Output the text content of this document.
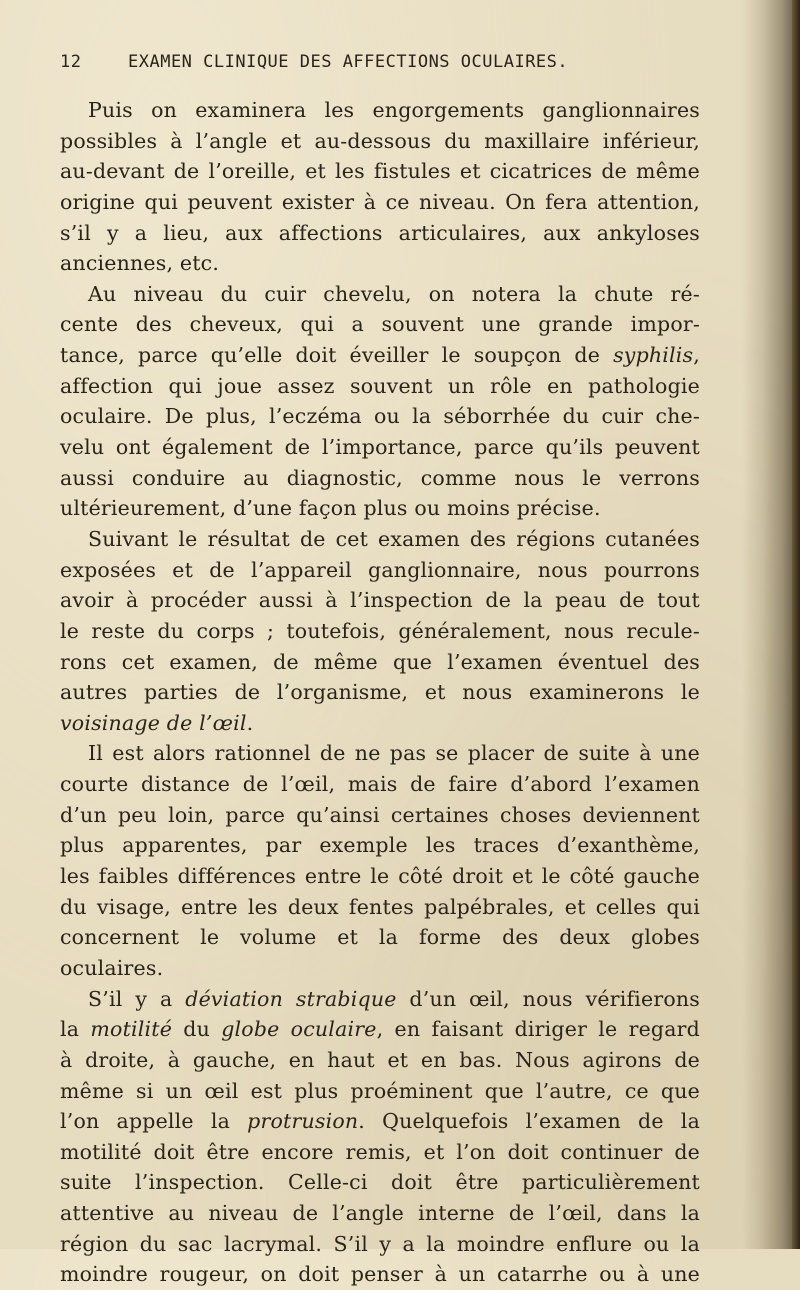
12	EXAMEN CLINIQUE DES AFFECTIONS OCULAIRES.
Puis on examinera les engorgements ganglionnaires
possibles à l’angle et au-dessous du maxillaire inférieur,
au-devant de l’oreille, et les fistules et cicatrices de même
origine qui peuvent exister à ce niveau. On fera attention,
s’il y a lieu, aux affections articulaires, aux ankyloses
anciennes, etc.
Au niveau du cuir chevelu, on notera la chute ré-
cente des cheveux, qui a souvent une grande impor-
tance, parce qu’elle doit éveiller le soupçon de syphilis,
affection qui joue assez souvent un rôle en pathologie
oculaire. De plus, l’eczéma ou la séborrhée du cuir che-
velu ont également de l’importance, parce qu’ils peuvent
aussi conduire au diagnostic, comme nous le verrons
ultérieurement, d’une façon plus ou moins précise.
Suivant le résultat de cet examen des régions cutanées
exposées et de l’appareil ganglionnaire, nous pourrons
avoir à procéder aussi à l’inspection de la peau de tout
le reste du corps ; toutefois, généralement, nous recule-
rons cet examen, de même que l’examen éventuel des
autres parties de l’organisme, et nous examinerons le
voisinage de l’œil.
Il est alors rationnel de ne pas se placer de suite à une
courte distance de l’œil, mais de faire d’abord l’examen
d’un peu loin, parce qu’ainsi certaines choses deviennent
plus apparentes, par exemple les traces d’exanthème,
les faibles différences entre le côté droit et le côté gauche
du visage, entre les deux fentes palpébrales, et celles qui
concernent le volume et la forme des deux globes
oculaires.
S’il y a déviation strabique d’un œil, nous vérifierons
la motilité du globe oculaire, en faisant diriger le regard
à droite, à gauche, en haut et en bas. Nous agirons de
même si un œil est plus proéminent que l’autre, ce que
l’on appelle la protrusion. Quelquefois l’examen de la
motilité doit être encore remis, et l’on doit continuer de
suite l’inspection. Celle-ci doit être particulièrement
attentive au niveau de l’angle interne de l’œil, dans la
région du sac lacrymal. S’il y a la moindre enflure ou la
moindre rougeur, on doit penser à un catarrhe ou à une
